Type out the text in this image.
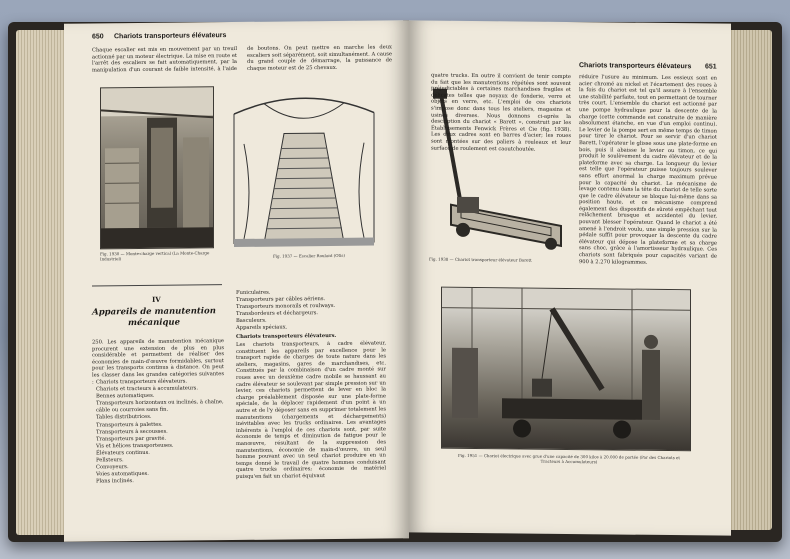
650 Chariots transporteurs élévateurs
Chaque escalier est mis en mouvement par un treuil actionné par un moteur électrique. La mise en route et l'arrêt des escaliers se fait automatiquement, par la manipulation d'un courant de faible intensité, à l'aide de boutons. On peut mettre en marche les deux escaliers soit séparément, soit simultanément. A cause du grand couple de démarrage, la puissance de chaque moteur est de 25 chevaux.
Fig. 1930 — Monte-charge vertical (La Monte-Charge Industriel)
Fig. 1937 — Escalier Roulant (Otis)
IV
Appareils de manutention mécanique
250. Les appareils de manutention mécanique procurent une extension de plus en plus considérable et permettent de réaliser des économies de main-d'œuvre formidables, surtout pour les transports continus à distance. On peut les classer dans les grandes catégories suivantes : Chariots transporteurs élévateurs.
Chariots et tracteurs à accumulateurs.
Bennes automatiques.
Transporteurs horizontaux ou inclinés, à chaîne, câble ou courroies sans fin.
Tables distributrices.
Transporteurs à palettes.
Transporteurs à secousses.
Transporteurs par gravité.
Vis et hélices transporteuses.
Élévateurs continus.
Pellsteurs.
Convoyeurs.
Voies automatiques.
Plans inclinés.
Funiculaires.
Transporteurs par câbles aériens.
Transporteurs monorails et roulways.
Transbordeurs et déchargeurs.
Basculeurs.
Appareils spéciaux.
Chariots transporteurs élévateurs.
Les chariots transporteurs, à cadre élévateur, constituent les appareils par excellence pour le transport rapide de charges de toute nature dans les ateliers, magasins, gares de marchandises, etc. Constitués par la combinaison d'un cadre monté sur roues avec un deuxième cadre mobile se haussant au cadre élévateur se soulevant par simple pression sur un levier, ces chariots permettent de lever en bloc la charge préalablement disposée sur une plate-forme spéciale, de la déplacer rapidement d'un point à un autre et de l'y déposer sans en supprimer totalement les manutentions (chargements et déchargements) inévitables avec les trucks ordinaires. Les avantages inhérents à l'emploi de ces chariots sont, par suite économie de temps et diminution de fatigue pour le manœuvre, résultant de la suppression des manutentions, économie de main-d'œuvre, un seul homme pouvant avec un seul chariot produire en un temps donné le travail de quatre hommes conduisant quatre trucks ordinaires; économie de matériel puisqu'en fait un chariot équivaut
Chariots transporteurs élévateurs 651
Fig. 1938 — Chariot transporteur élévateur Barett
quatre trucks. En outre il convient de tenir compte du fait que les manutentions répétées sont souvent préjudiciables à certaines marchandises fragiles et délicates telles que noyaux de fonderie, verre et objets en verre, etc. L'emploi de ces chariots s'impose donc dans tous les ateliers, magasins et usines diverses. Nous donnons ci-après la description du chariot « Barett », construit par les Établissements Fenwick Frères et Cie (fig. 1938). Les deux cadres sont en barres d'acier; les roues sont montées sur des paliers à rouleaux et leur surface de roulement est caoutchoutée.
réduire l'usure au minimum. Les essieux sont en acier chromé au nickel et l'écartement des roues à la fois du chariot est tel qu'il assure à l'ensemble une stabilité parfaite, tout en permettant de tourner très court. L'ensemble du chariot est actionné par une pompe hydraulique pour la descente de la charge (cette commande est construite de manière absolument étanche, en vue d'un emploi continu). Le levier de la pompe sert en même temps de timon pour tirer le chariot. Pour se servir d'un chariot Barett, l'opérateur le glisse sous une plate-forme en bois, puis il abaisse le levier ou timon, ce qui produit le soulèvement du cadre élévateur et de la plateforme avec sa charge. La longueur du levier est telle que l'opérateur puisse toujours soulever sans effort anormal la charge maximum prévue pour la capacité du chariot. Le mécanisme de levage contenu dans la tête du chariot de telle sorte que le cadre élévateur se bloque lui-même dans sa position haute, et ce mécanisme comprend également des dispositifs de sûreté empêchant tout relâchement brusque et accidentel du levier, pouvant blesser l'opérateur. Quand le chariot a été amené à l'endroit voulu, une simple pression sur la pédale suffit pour provoquer la descente du cadre élévateur qui dépose la plateforme et sa charge sans choc, grâce à l'amortisseur hydraulique. Ces chariots sont fabriqués pour capacités variant de 900 à 2.270 kilogrammes.
Fig. 1951 — Chariot électrique avec grue d'une capacité de 300 kilos à 20.000 de portée (Par des Chariots et Tracteurs à Accumulateurs)
